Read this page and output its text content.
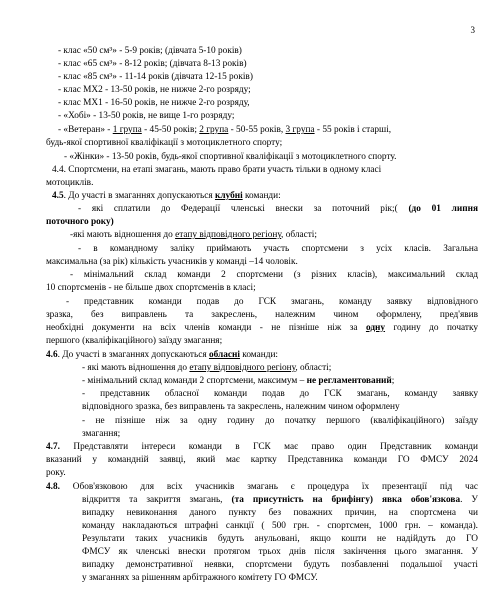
3
- клас «50 см³» - 5-9 років; (дівчата 5-10 років)
- клас «65 см³» - 8-12 років; (дівчата 8-13 років)
- клас «85 см³» - 11-14 років (дівчата 12-15 років)
- клас МХ2 - 13-50 років, не нижче 2-го розряду;
- клас МХ1 - 16-50 років, не нижче 2-го розряду,
- «Хобі» - 13-50 років, не вище 1-го розряду;
- «Ветеран» - 1 група - 45-50 років; 2 група - 50-55 років, 3 група - 55 років і старші,
будь-якої спортивної кваліфікації з мотоциклетного спорту;
- «Жінки» - 13-50 років, будь-якої спортивної кваліфікації з мотоциклетного спорту.
4.4. Спортсмени, на етапі змагань, мають право брати участь тільки в одному класі
мотоциклів.
4.5. До участі в змаганнях допускаються клубні команди:
- які сплатили до Федерації членські внески за поточний рік;( (до 01 липня
поточного року)
-які мають відношення до етапу відповідного регіону, області;
- в командному заліку приймають участь спортсмени з усіх класів. Загальна
максимальна (за рік) кількість учасників у команді –14 чоловік.
- мінімальний склад команди 2 спортсмени (з різних класів), максимальний склад
10 спортсменів - не більше двох спортсменів в класі;
- представник команди подав до ГСК змагань, команду заявку відповідного
зразка, без виправлень та закреслень, належним чином оформлену, пред'явив
необхідні документи на всіх членів команди - не пізніше ніж за одну годину до початку
першого (кваліфікаційного) заїзду змагання;
4.6. До участі в змаганнях допускаються обласні команди:
- які мають відношення до етапу відповідного регіону, області;
- мінімальний склад команди 2 спортсмени, максимум – не регламентований;
- представник обласної команди подав до ГСК змагань, команду заявку
відповідного зразка, без виправлень та закреслень, належним чином оформлену
- не пізніше ніж за одну годину до початку першого (кваліфікаційного) заїзду
змагання;
4.7. Представляти інтереси команди в ГСК має право один Представник команди
вказаний у командній заявці, який має картку Представника команди ГО ФМСУ 2024
року.
4.8. Обов'язковою для всіх учасників змагань є процедура їх презентації під час
відкриття та закриття змагань, (та присутність на брифінгу) явка обов'язкова. У
випадку невиконання даного пункту без поважних причин, на спортсмена чи
команду накладаються штрафні санкції ( 500 грн. - спортсмен, 1000 грн. – команда).
Результати таких учасників будуть анульовані, якщо кошти не надійдуть до ГО
ФМСУ як членські внески протягом трьох днів після закінчення цього змагання. У
випадку демонстративної неявки, спортсмени будуть позбавленні подальшої участі
у змаганнях за рішенням арбітражного комітету ГО ФМСУ.
